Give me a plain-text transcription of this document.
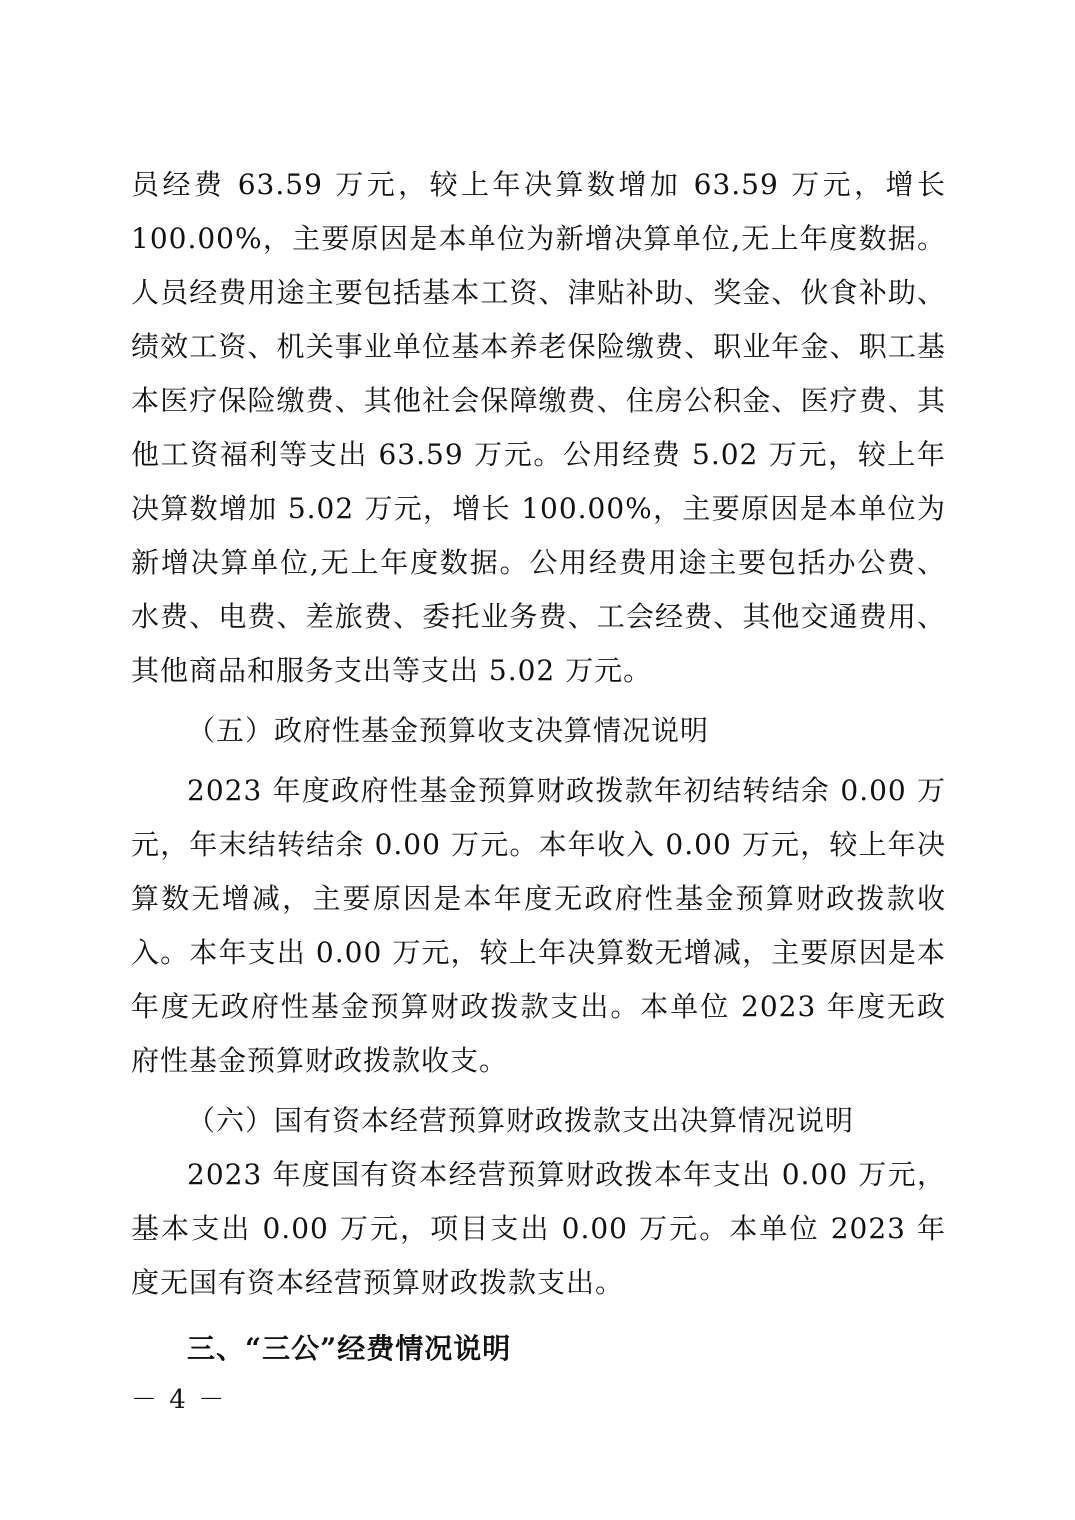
员经费 63.59 万元，较上年决算数增加 63.59 万元，增长 100.00%，主要原因是本单位为新增决算单位,无上年度数据。人员经费用途主要包括基本工资、津贴补助、奖金、伙食补助、绩效工资、机关事业单位基本养老保险缴费、职业年金、职工基本医疗保险缴费、其他社会保障缴费、住房公积金、医疗费、其他工资福利等支出 63.59 万元。公用经费 5.02 万元，较上年决算数增加 5.02 万元，增长 100.00%，主要原因是本单位为新增决算单位,无上年度数据。公用经费用途主要包括办公费、水费、电费、差旅费、委托业务费、工会经费、其他交通费用、其他商品和服务支出等支出 5.02 万元。

（五）政府性基金预算收支决算情况说明

2023 年度政府性基金预算财政拨款年初结转结余 0.00 万元，年末结转结余 0.00 万元。本年收入 0.00 万元，较上年决算数无增减，主要原因是本年度无政府性基金预算财政拨款收入。本年支出 0.00 万元，较上年决算数无增减，主要原因是本年度无政府性基金预算财政拨款支出。本单位 2023 年度无政府性基金预算财政拨款收支。

（六）国有资本经营预算财政拨款支出决算情况说明

2023 年度国有资本经营预算财政拨本年支出 0.00 万元，基本支出 0.00 万元，项目支出 0.00 万元。本单位 2023 年度无国有资本经营预算财政拨款支出。

三、“三公”经费情况说明

－ 4 －
